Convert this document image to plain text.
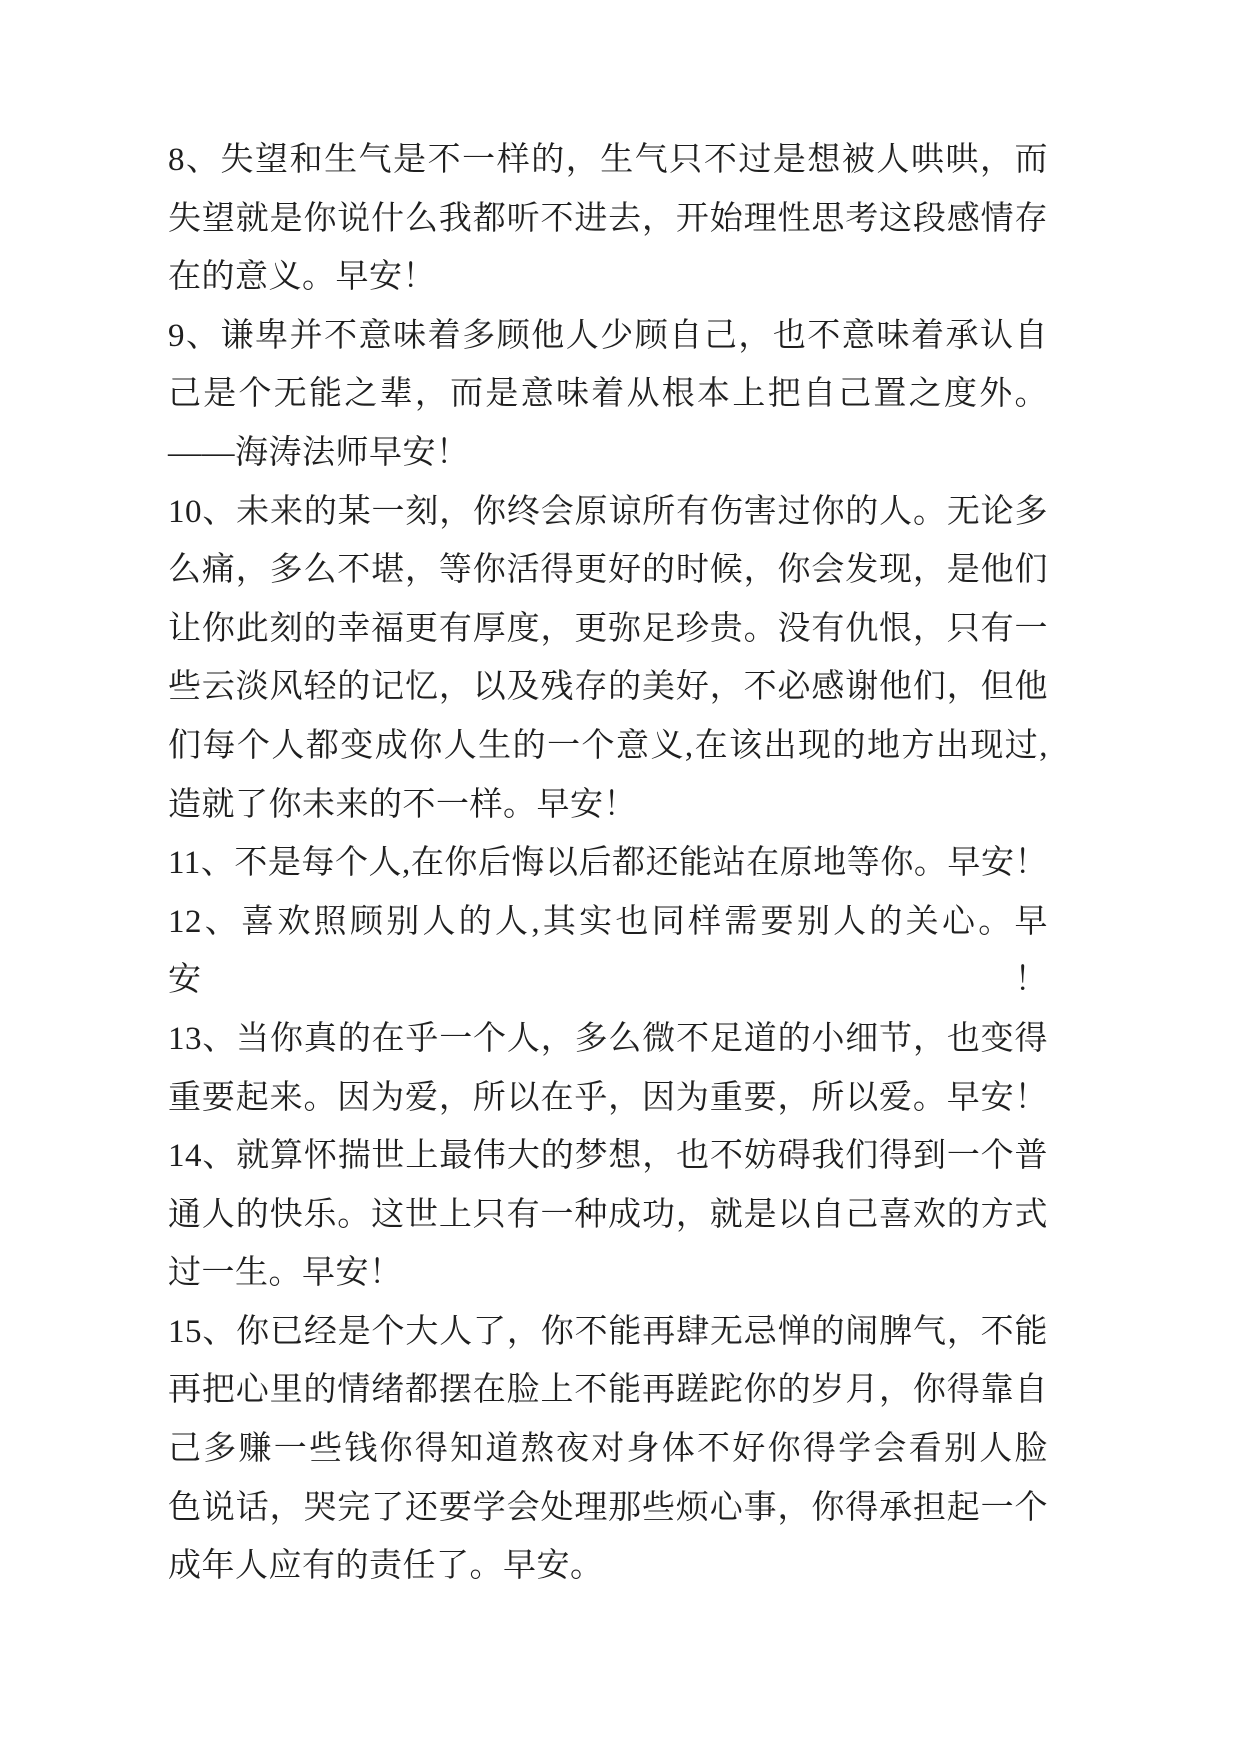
8、失望和生气是不一样的，生气只不过是想被人哄哄，而
失望就是你说什么我都听不进去，开始理性思考这段感情存
在的意义。早安！
9、谦卑并不意味着多顾他人少顾自己，也不意味着承认自
己是个无能之辈，而是意味着从根本上把自己置之度外。
——海涛法师早安！
10、未来的某一刻，你终会原谅所有伤害过你的人。无论多
么痛，多么不堪，等你活得更好的时候，你会发现，是他们
让你此刻的幸福更有厚度，更弥足珍贵。没有仇恨，只有一
些云淡风轻的记忆，以及残存的美好，不必感谢他们，但他
们每个人都变成你人生的一个意义,在该出现的地方出现过,
造就了你未来的不一样。早安！
11、不是每个人,在你后悔以后都还能站在原地等你。早安！
12、喜欢照顾别人的人,其实也同样需要别人的关心。早安！
13、当你真的在乎一个人，多么微不足道的小细节，也变得
重要起来。因为爱，所以在乎，因为重要，所以爱。早安！
14、就算怀揣世上最伟大的梦想，也不妨碍我们得到一个普
通人的快乐。这世上只有一种成功，就是以自己喜欢的方式
过一生。早安！
15、你已经是个大人了，你不能再肆无忌惮的闹脾气，不能
再把心里的情绪都摆在脸上不能再蹉跎你的岁月，你得靠自
己多赚一些钱你得知道熬夜对身体不好你得学会看别人脸
色说话，哭完了还要学会处理那些烦心事，你得承担起一个
成年人应有的责任了。早安。
